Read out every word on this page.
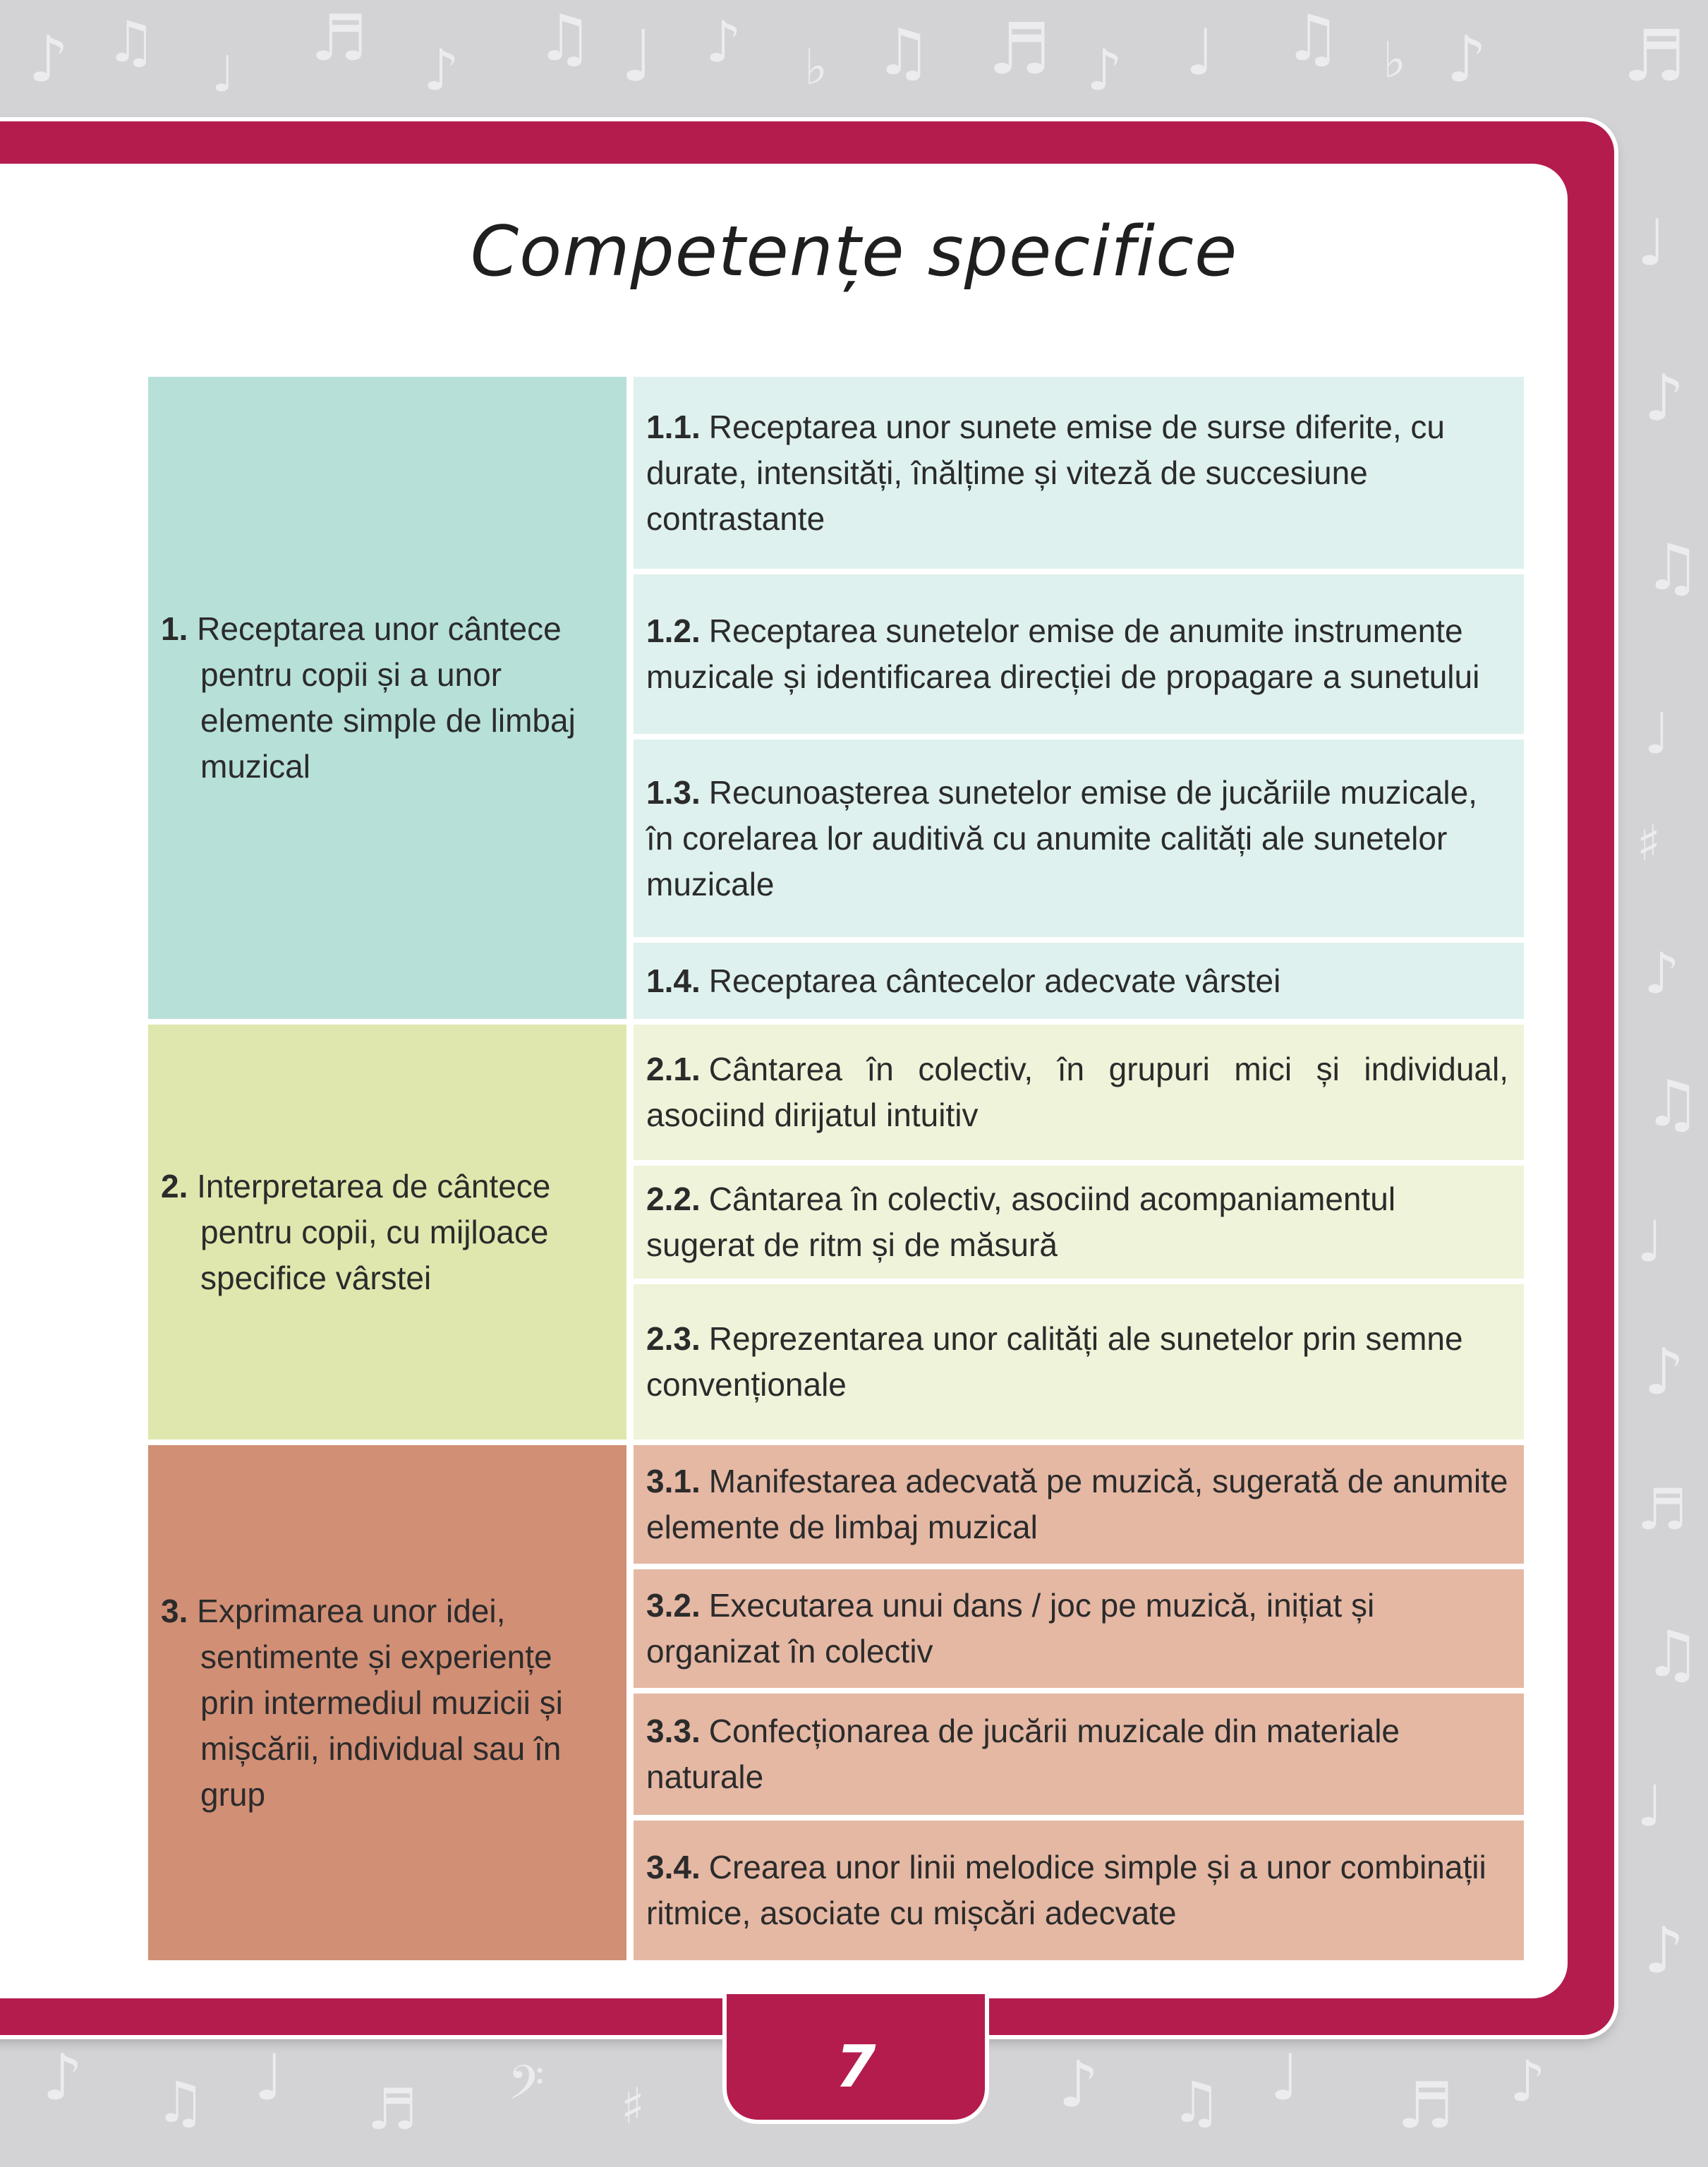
♪ ♫ ♩ ♬ ♪ ♫ ♩ ♪ ♭ ♫ ♬ ♪ ♩ ♫ ♭ ♪ ♬
♩
♪
♫
♩
♯
♪
♫
♩
♪
♬
♫
♩
♪
♪ ♫ ♩ ♬ 𝄢 ♯	♪ ♫ ♩ ♬ ♪
Competențe specifice
1. Receptarea unor cântece pentru copii și a unor elemente simple de limbaj muzical
1.1. Receptarea unor sunete emise de surse diferite, cu durate, intensități, înălțime și viteză de succesiune contrastante
1.2. Receptarea sunetelor emise de anumite instrumente muzicale și identificarea direcției de propagare a sunetului
1.3. Recunoașterea sunetelor emise de jucăriile muzicale, în corelarea lor auditivă cu anumite calități ale sunetelor muzicale
1.4. Receptarea cântecelor adecvate vârstei
2. Interpretarea de cântece pentru copii, cu mijloace specifice vârstei
2.1. Cântarea în colectiv, în grupuri mici și individual, asociind dirijatul intuitiv
2.2. Cântarea în colectiv, asociind acompaniamentul sugerat de ritm și de măsură
2.3. Reprezentarea unor calități ale sunetelor prin semne convenționale
3. Exprimarea unor idei, sentimente și experiențe prin intermediul muzicii și mișcării, individual sau în grup
3.1. Manifestarea adecvată pe muzică, sugerată de anumite elemente de limbaj muzical
3.2. Executarea unui dans / joc pe muzică, inițiat și organizat în colectiv
3.3. Confecționarea de jucării muzicale din materiale naturale
3.4. Crearea unor linii melodice simple și a unor combinații ritmice, asociate cu mișcări adecvate
7
